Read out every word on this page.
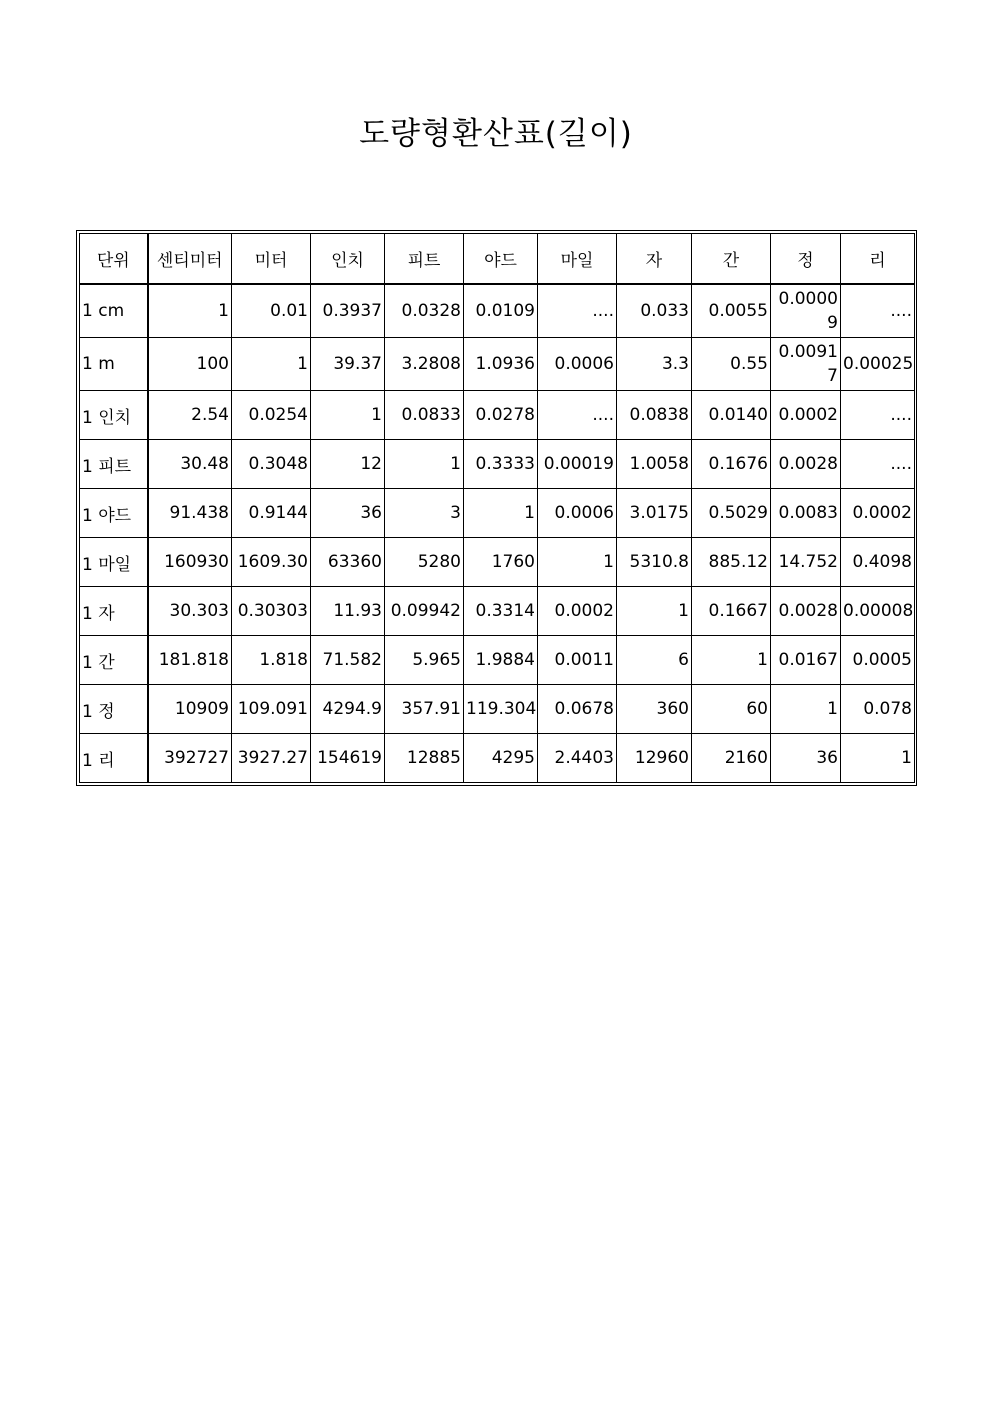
도량형환산표(길이)
단위	센티미터	미터	인치	피트	야드	마일	자	간	정	리
1 cm	1	0.01	0.3937	0.0328	0.0109	....	0.033	0.0055	0.00009	....
1 m	100	1	39.37	3.2808	1.0936	0.0006	3.3	0.55	0.00917	0.00025
1 인치	2.54	0.0254	1	0.0833	0.0278	....	0.0838	0.0140	0.0002	....
1 피트	30.48	0.3048	12	1	0.3333	0.00019	1.0058	0.1676	0.0028	....
1 야드	91.438	0.9144	36	3	1	0.0006	3.0175	0.5029	0.0083	0.0002
1 마일	160930	1609.30	63360	5280	1760	1	5310.8	885.12	14.752	0.4098
1 자	30.303	0.30303	11.93	0.09942	0.3314	0.0002	1	0.1667	0.0028	0.00008
1 간	181.818	1.818	71.582	5.965	1.9884	0.0011	6	1	0.0167	0.0005
1 정	10909	109.091	4294.9	357.91	119.304	0.0678	360	60	1	0.078
1 리	392727	3927.27	154619	12885	4295	2.4403	12960	2160	36	1
